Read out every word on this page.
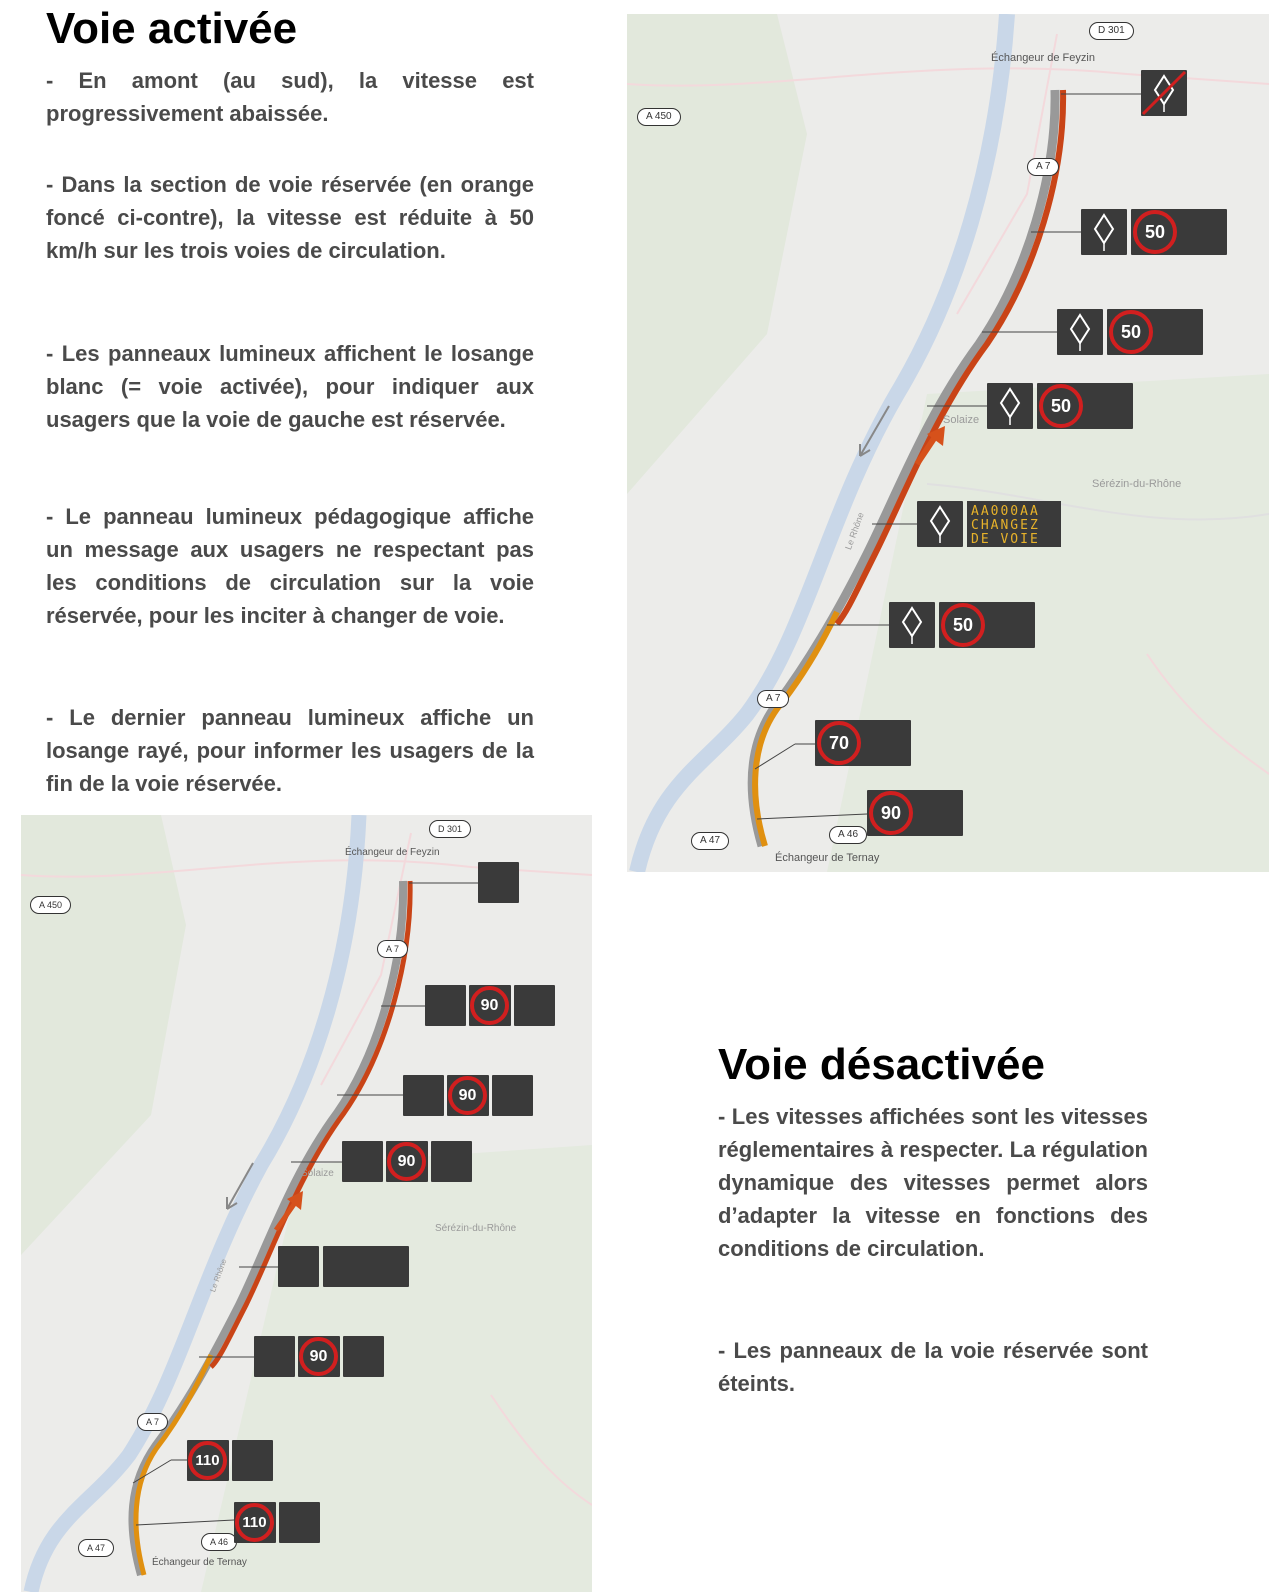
Voie activée

- En amont (au sud), la vitesse est progressivement abaissée.

- Dans la section de voie réservée (en orange foncé ci-contre), la vitesse est réduite à 50 km/h sur les trois voies de circulation.

- Les panneaux lumineux affichent le losange blanc (= voie activée), pour indiquer aux usagers que la voie de gauche est réservée.

- Le panneau lumineux pédagogique affiche un message aux usagers ne respectant pas les conditions de circulation sur la voie réservée, pour les inciter à changer de voie.

- Le dernier panneau lumineux affiche un losange rayé, pour informer les usagers de la fin de la voie réservée.

D 301
A 450
A 7
A 7
A 47
A 46
Échangeur de Feyzin
Solaize
Sérézin-du-Rhône
Échangeur de Ternay
Le Rhône
50
50
50
AA000AA
CHANGEZ
DE VOIE
50
70
90
D 301
A 450
A 7
A 7
A 47
A 46
Échangeur de Feyzin
Solaize
Sérézin-du-Rhône
Échangeur de Ternay
Le Rhône
90
90
90
90
110
110
Voie désactivée

- Les vitesses affichées sont les vitesses réglementaires à respecter. La régulation dynamique des vitesses permet alors d’adapter la vitesse en fonctions des conditions de circulation.

- Les panneaux de la voie réservée sont éteints.
